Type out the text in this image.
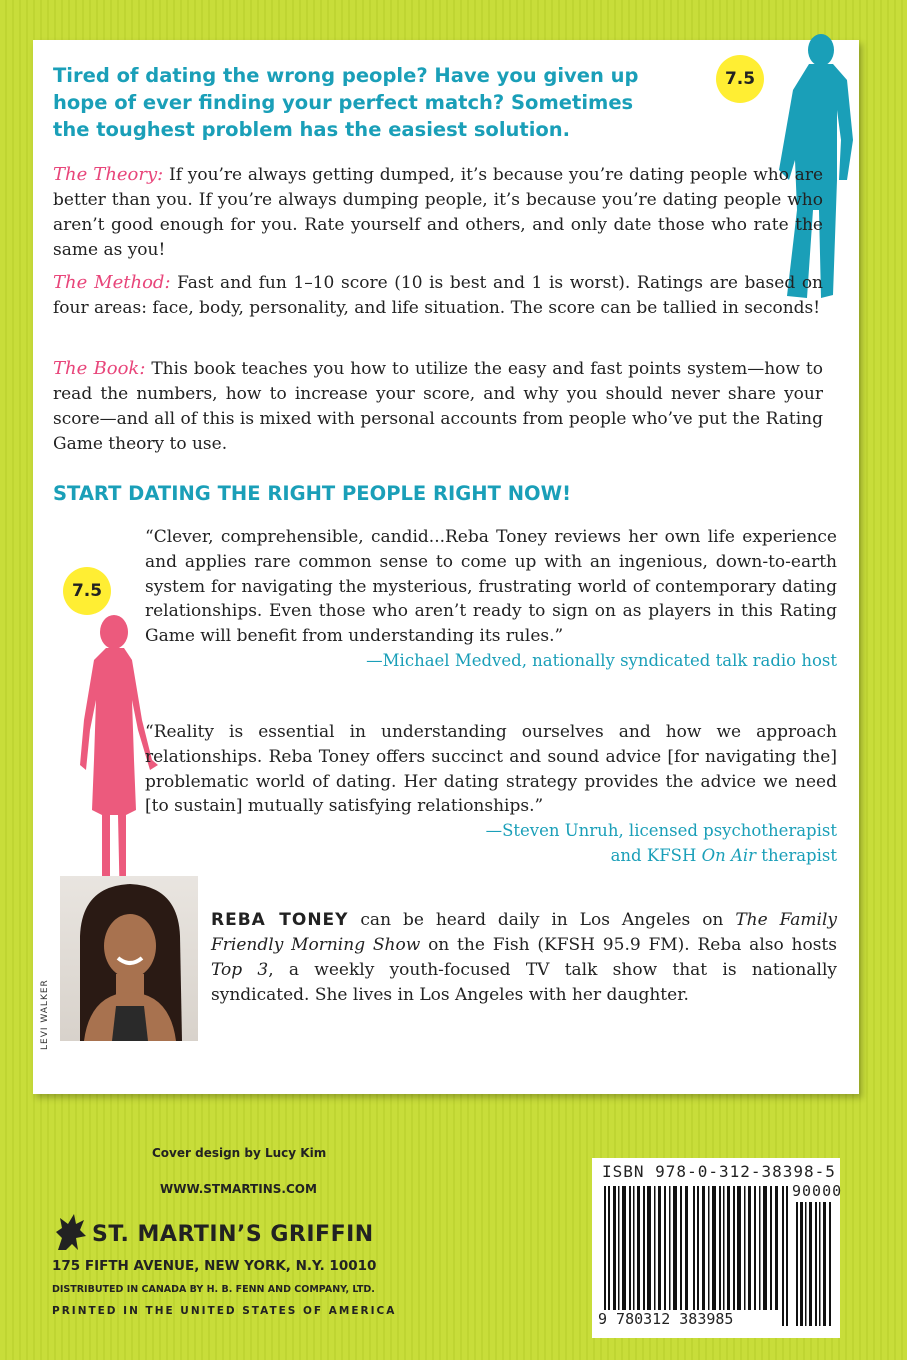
Tired of dating the wrong people? Have you given up hope of ever finding your perfect match? Sometimes the toughest problem has the easiest solution.
7.5
The Theory: If you’re always getting dumped, it’s because you’re dating people who are better than you. If you’re always dumping people, it’s because you’re dating people who aren’t good enough for you. Rate yourself and others, and only date those who rate the same as you!
The Method: Fast and fun 1–10 score (10 is best and 1 is worst). Ratings are based on four areas: face, body, personality, and life situation. The score can be tallied in seconds!
The Book: This book teaches you how to utilize the easy and fast points system—how to read the numbers, how to increase your score, and why you should never share your score—and all of this is mixed with personal accounts from people who’ve put the Rating Game theory to use.
START DATING THE RIGHT PEOPLE RIGHT NOW!
7.5
“Clever, comprehensible, candid...Reba Toney reviews her own life experience and applies rare common sense to come up with an ingenious, down-to-earth system for navigating the mysterious, frustrating world of contemporary dating relationships. Even those who aren’t ready to sign on as players in this Rating Game will benefit from understanding its rules.”
—Michael Medved, nationally syndicated talk radio host
“Reality is essential in understanding ourselves and how we approach relationships. Reba Toney offers succinct and sound advice [for navigating the] problematic world of dating. Her dating strategy provides the advice we need [to sustain] mutually satisfying relationships.”
—Steven Unruh, licensed psychotherapist
and KFSH On Air therapist
LEVI WALKER
REBA TONEY can be heard daily in Los Angeles on The Family Friendly Morning Show on the Fish (KFSH 95.9 FM). Reba also hosts Top 3, a weekly youth-focused TV talk show that is nationally syndicated. She lives in Los Angeles with her daughter.
Cover design by Lucy Kim
WWW.STMARTINS.COM
ST. MARTIN’S GRIFFIN
175 FIFTH AVENUE, NEW YORK, N.Y. 10010
DISTRIBUTED IN CANADA BY H. B. FENN AND COMPANY, LTD.
PRINTED IN THE UNITED STATES OF AMERICA
ISBN 978-0-312-38398-5
90000
9 780312 383985
